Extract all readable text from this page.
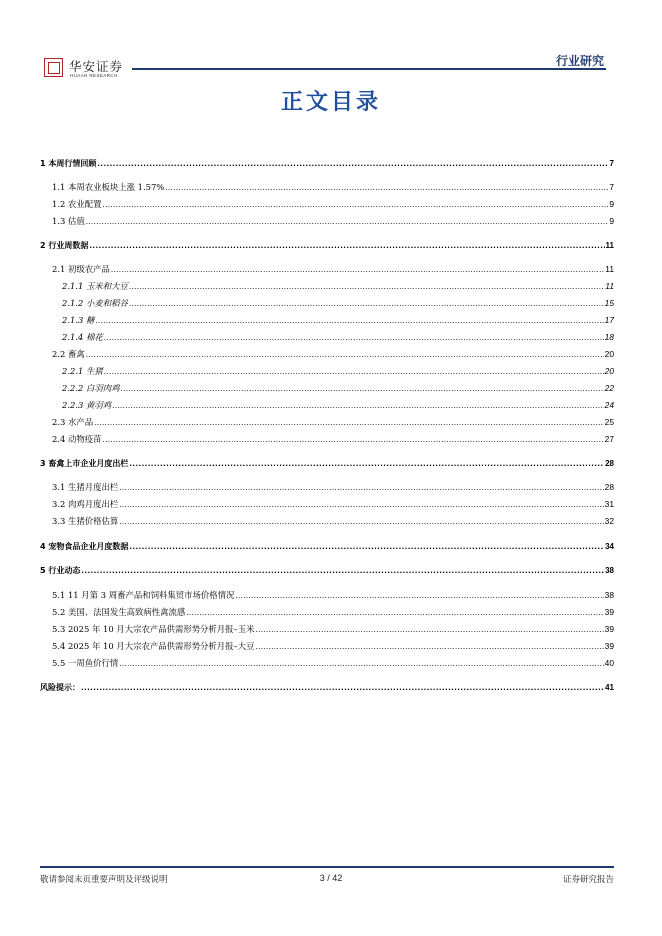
华安证券
HUAAN RESEARCH
行业研究
正文目录
1 本周行情回顾 .....	7
1.1 本周农业板块上涨 1.57% .....	7
1.2 农业配置 .....	9
1.3 估值 .....	9
2 行业周数据 .....	11
2.1 初级农产品 .....	11
2.1.1 玉米和大豆 .....	11
2.1.2 小麦和稻谷 .....	15
2.1.3 糖 .....	17
2.1.4 棉花 .....	18
2.2 畜禽 .....	20
2.2.1 生猪 .....	20
2.2.2 白羽肉鸡 .....	22
2.2.3 黄羽鸡 .....	24
2.3 水产品 .....	25
2.4 动物疫苗 .....	27
3 畜禽上市企业月度出栏 .....	28
3.1 生猪月度出栏 .....	28
3.2 肉鸡月度出栏 .....	31
3.3 生猪价格估算 .....	32
4 宠物食品企业月度数据 .....	34
5 行业动态 .....	38
5.1 11 月第 3 周畜产品和饲料集贸市场价格情况 .....	38
5.2 美国、法国发生高致病性禽流感 .....	39
5.3 2025 年 10 月大宗农产品供需形势分析月报–玉米 .....	39
5.4 2025 年 10 月大宗农产品供需形势分析月报–大豆 .....	39
5.5 一周鱼价行情 .....	40
风险提示： .....	41
敬请参阅末页重要声明及评级说明	3 / 42	证券研究报告
